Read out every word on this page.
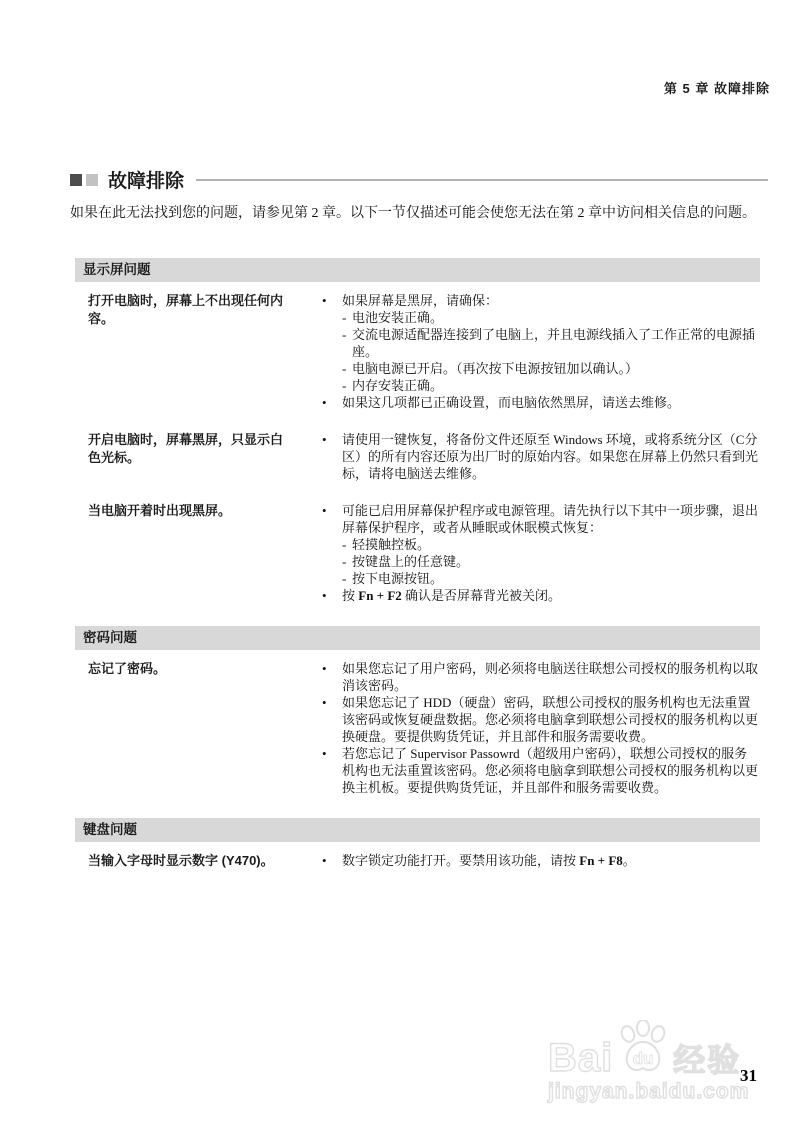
第 5 章 故障排除
故障排除
如果在此无法找到您的问题，请参见第 2 章。以下一节仅描述可能会使您无法在第 2 章中访问相关信息的问题。
显示屏问题
打开电脑时，屏幕上不出现任何内容。
• 如果屏幕是黑屏，请确保：
- 电池安装正确。
- 交流电源适配器连接到了电脑上，并且电源线插入了工作正常的电源插座。
- 电脑电源已开启。（再次按下电源按钮加以确认。）
- 内存安装正确。
• 如果这几项都已正确设置，而电脑依然黑屏，请送去维修。
开启电脑时，屏幕黑屏，只显示白色光标。
• 请使用一键恢复，将备份文件还原至 Windows 环境，或将系统分区（C分区）的所有内容还原为出厂时的原始内容。如果您在屏幕上仍然只看到光标，请将电脑送去维修。
当电脑开着时出现黑屏。	• 可能已启用屏幕保护程序或电源管理。请先执行以下其中一项步骤，退出屏幕保护程序，或者从睡眠或休眠模式恢复：
- 轻摸触控板。
- 按键盘上的任意键。
- 按下电源按钮。
• 按 Fn + F2 确认是否屏幕背光被关闭。
密码问题
忘记了密码。	• 如果您忘记了用户密码，则必须将电脑送往联想公司授权的服务机构以取消该密码。
• 如果您忘记了 HDD（硬盘）密码，联想公司授权的服务机构也无法重置该密码或恢复硬盘数据。您必须将电脑拿到联想公司授权的服务机构以更换硬盘。要提供购货凭证，并且部件和服务需要收费。
• 若您忘记了 Supervisor Passowrd（超级用户密码），联想公司授权的服务机构也无法重置该密码。您必须将电脑拿到联想公司授权的服务机构以更换主机板。要提供购货凭证，并且部件和服务需要收费。
键盘问题
当输入字母时显示数字 (Y470)。	• 数字锁定功能打开。要禁用该功能，请按 Fn + F8。
Bai du 经验
jingyan.baidu.com
31
